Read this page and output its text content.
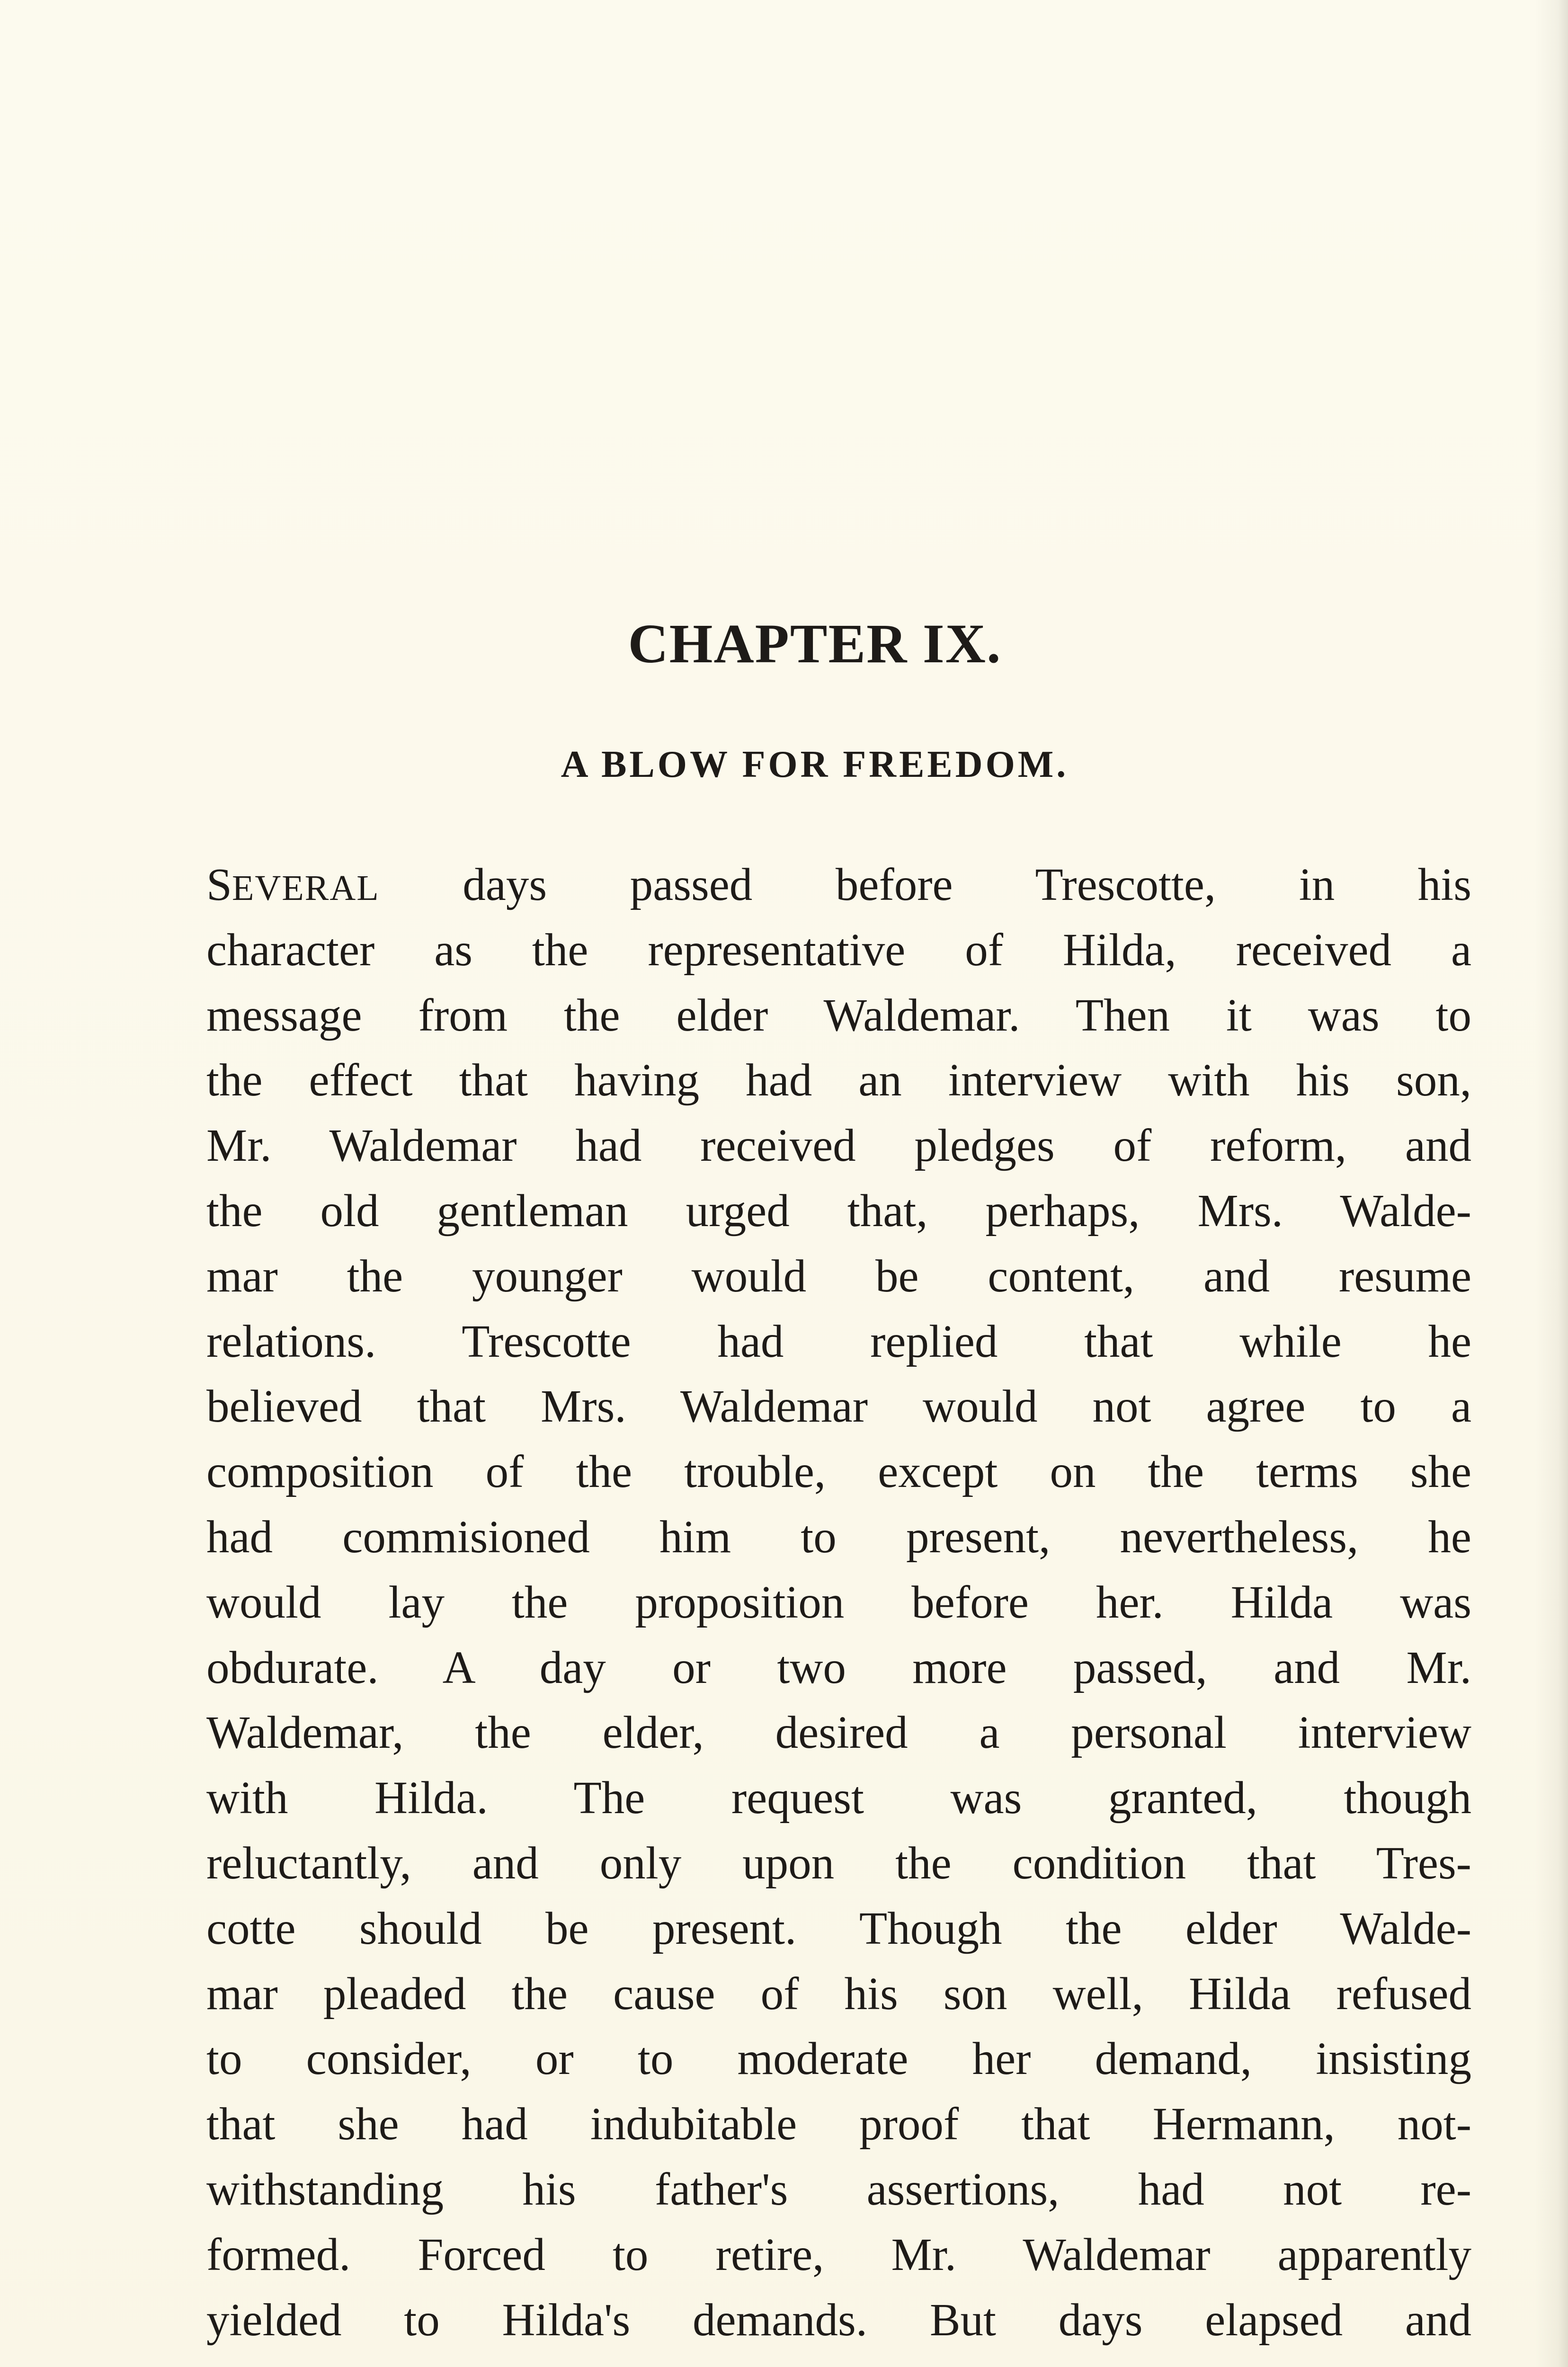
CHAPTER IX.
A BLOW FOR FREEDOM.
SEVERAL days passed before Trescotte, in his
character as the representative of Hilda, received a
message from the elder Waldemar. Then it was to
the effect that having had an interview with his son,
Mr. Waldemar had received pledges of reform, and
the old gentleman urged that, perhaps, Mrs. Walde-
mar the younger would be content, and resume
relations. Trescotte had replied that while he
believed that Mrs. Waldemar would not agree to a
composition of the trouble, except on the terms she
had commisioned him to present, nevertheless, he
would lay the proposition before her. Hilda was
obdurate. A day or two more passed, and Mr.
Waldemar, the elder, desired a personal interview
with Hilda. The request was granted, though
reluctantly, and only upon the condition that Tres-
cotte should be present. Though the elder Walde-
mar pleaded the cause of his son well, Hilda refused
to consider, or to moderate her demand, insisting
that she had indubitable proof that Hermann, not-
withstanding his father's assertions, had not re-
formed. Forced to retire, Mr. Waldemar apparently
yielded to Hilda's demands. But days elapsed and
